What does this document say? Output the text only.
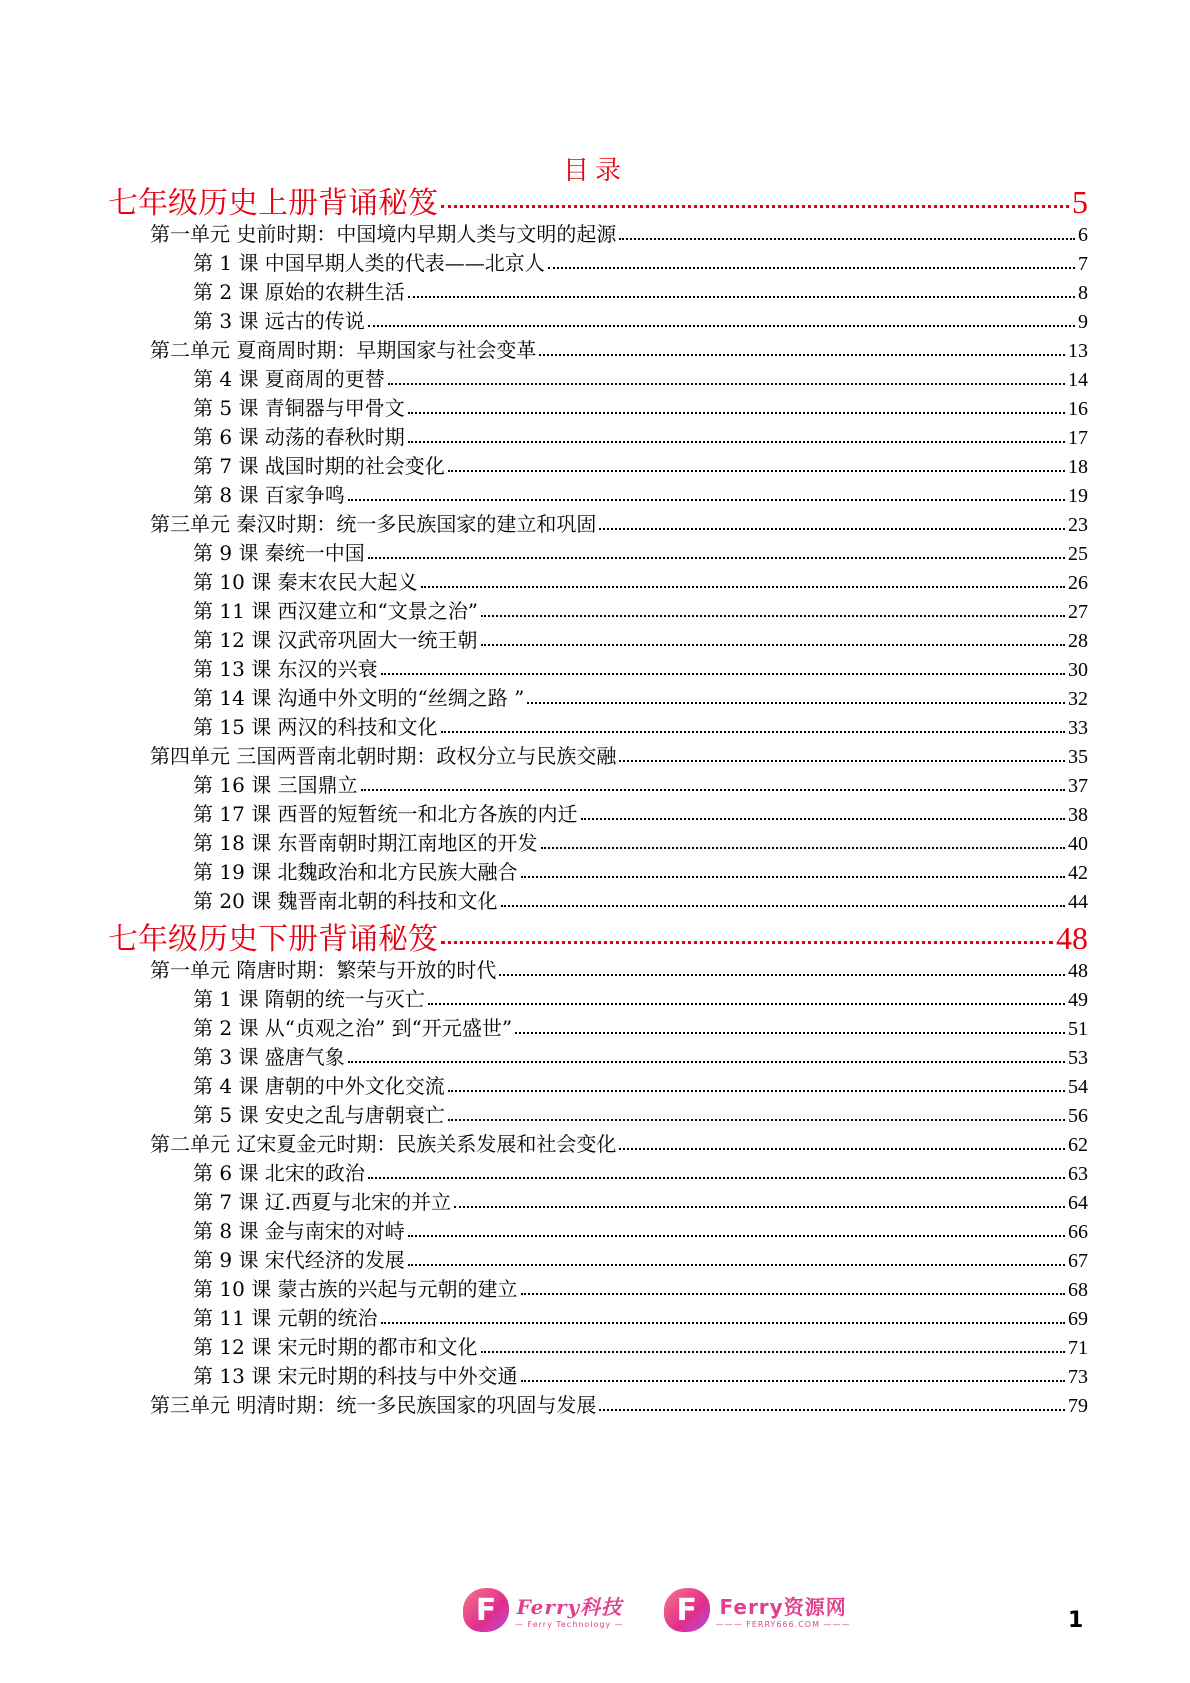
目录
七年级历史上册背诵秘笈	5
第一单元 史前时期：中国境内早期人类与文明的起源	6
第 1 课 中国早期人类的代表——北京人	7
第 2 课 原始的农耕生活	8
第 3 课 远古的传说	9
第二单元 夏商周时期：早期国家与社会变革	13
第 4 课 夏商周的更替	14
第 5 课 青铜器与甲骨文	16
第 6 课 动荡的春秋时期	17
第 7 课 战国时期的社会变化	18
第 8 课 百家争鸣	19
第三单元 秦汉时期：统一多民族国家的建立和巩固	23
第 9 课 秦统一中国	25
第 10 课 秦末农民大起义	26
第 11 课 西汉建立和“文景之治”	27
第 12 课 汉武帝巩固大一统王朝	28
第 13 课 东汉的兴衰	30
第 14 课 沟通中外文明的“丝绸之路 ”	32
第 15 课 两汉的科技和文化	33
第四单元 三国两晋南北朝时期：政权分立与民族交融	35
第 16 课 三国鼎立	37
第 17 课 西晋的短暂统一和北方各族的内迁	38
第 18 课 东晋南朝时期江南地区的开发	40
第 19 课 北魏政治和北方民族大融合	42
第 20 课 魏晋南北朝的科技和文化	44
七年级历史下册背诵秘笈	48
第一单元 隋唐时期：繁荣与开放的时代	48
第 1 课 隋朝的统一与灭亡	49
第 2 课 从“贞观之治” 到“开元盛世”	51
第 3 课 盛唐气象	53
第 4 课 唐朝的中外文化交流	54
第 5 课 安史之乱与唐朝衰亡	56
第二单元 辽宋夏金元时期：民族关系发展和社会变化	62
第 6 课 北宋的政治	63
第 7 课 辽.西夏与北宋的并立	64
第 8 课 金与南宋的对峙	66
第 9 课 宋代经济的发展	67
第 10 课 蒙古族的兴起与元朝的建立	68
第 11 课 元朝的统治	69
第 12 课 宋元时期的都市和文化	71
第 13 课 宋元时期的科技与中外交通	73
第三单元 明清时期：统一多民族国家的巩固与发展	79
F	Ferry科技
— Ferry Technology —	F	Ferry资源网
——— FERRY666.COM ———	1
